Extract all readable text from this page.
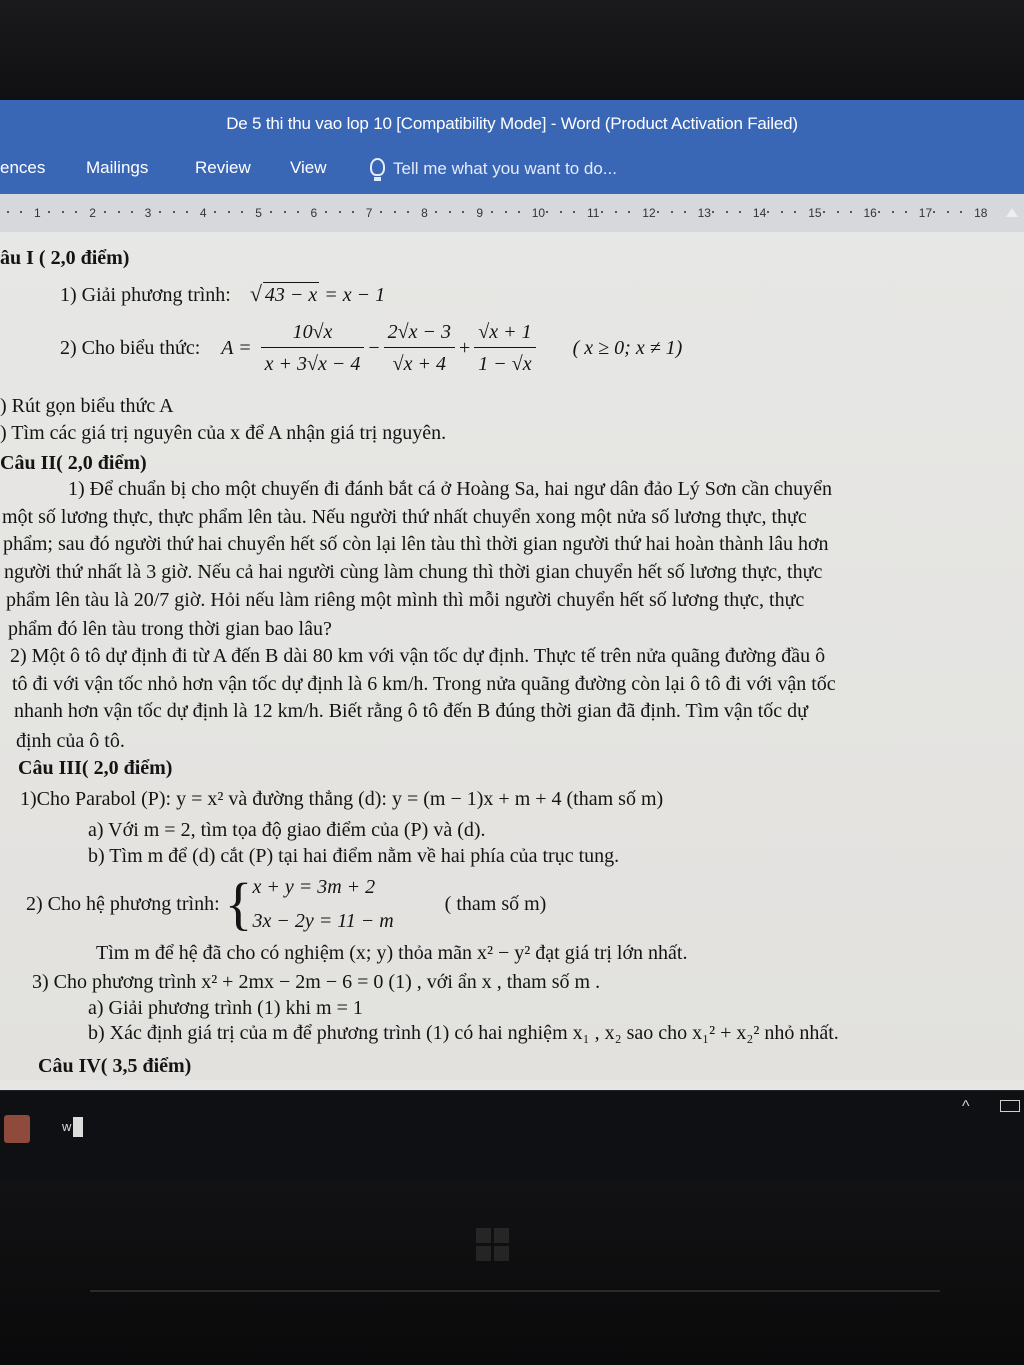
De 5 thi thu vao lop 10 [Compatibility Mode] - Word (Product Activation Failed)
ences Mailings	Review View	Tell me what you want to do...
1	2	3	4	5	6	7	8	9	10	11	12	13	14	15	16	17	18
âu I ( 2,0 điểm)
1) Giải phương trình: √ 43 − x = x − 1
2) Cho biểu thức: $A = \frac{10√x}{x + 3√x - 4} - \frac{2√x - 3}{√x + 4} + \frac{√x + 1}{1 - √x}$ ( x ≥ 0; x ≠ 1)
) Rút gọn biểu thức A
) Tìm các giá trị nguyên của x để A nhận giá trị nguyên.
Câu II( 2,0 điểm)
1) Để chuẩn bị cho một chuyến đi đánh bắt cá ở Hoàng Sa, hai ngư dân đảo Lý Sơn cần chuyển
một số lương thực, thực phẩm lên tàu. Nếu người thứ nhất chuyển xong một nửa số lương thực, thực
phẩm; sau đó người thứ hai chuyển hết số còn lại lên tàu thì thời gian người thứ hai hoàn thành lâu hơn
người thứ nhất là 3 giờ. Nếu cả hai người cùng làm chung thì thời gian chuyển hết số lương thực, thực
phẩm lên tàu là 20/7 giờ. Hỏi nếu làm riêng một mình thì mỗi người chuyển hết số lương thực, thực
phẩm đó lên tàu trong thời gian bao lâu?
2) Một ô tô dự định đi từ A đến B dài 80 km với vận tốc dự định. Thực tế trên nửa quãng đường đầu ô
tô đi với vận tốc nhỏ hơn vận tốc dự định là 6 km/h. Trong nửa quãng đường còn lại ô tô đi với vận tốc
nhanh hơn vận tốc dự định là 12 km/h. Biết rằng ô tô đến B đúng thời gian đã định. Tìm vận tốc dự
định của ô tô.
Câu III( 2,0 điểm)
1)Cho Parabol (P): y = x² và đường thẳng (d): y = (m − 1)x + m + 4 (tham số m)
a) Với m = 2, tìm tọa độ giao điểm của (P) và (d).
b) Tìm m để (d) cắt (P) tại hai điểm nằm về hai phía của trục tung.
2) Cho hệ phương trình: { x + y = 3m + 2
3x − 2y = 11 − m
( tham số m)
Tìm m để hệ đã cho có nghiệm (x; y) thỏa mãn x² − y² đạt giá trị lớn nhất.
3) Cho phương trình x² + 2mx − 2m − 6 = 0 (1) , với ẩn x , tham số m .
a) Giải phương trình (1) khi m = 1
b) Xác định giá trị của m để phương trình (1) có hai nghiệm x₁ , x₂ sao cho x₁² + x₂² nhỏ nhất.
Câu IV( 3,5 điểm)
w
^
